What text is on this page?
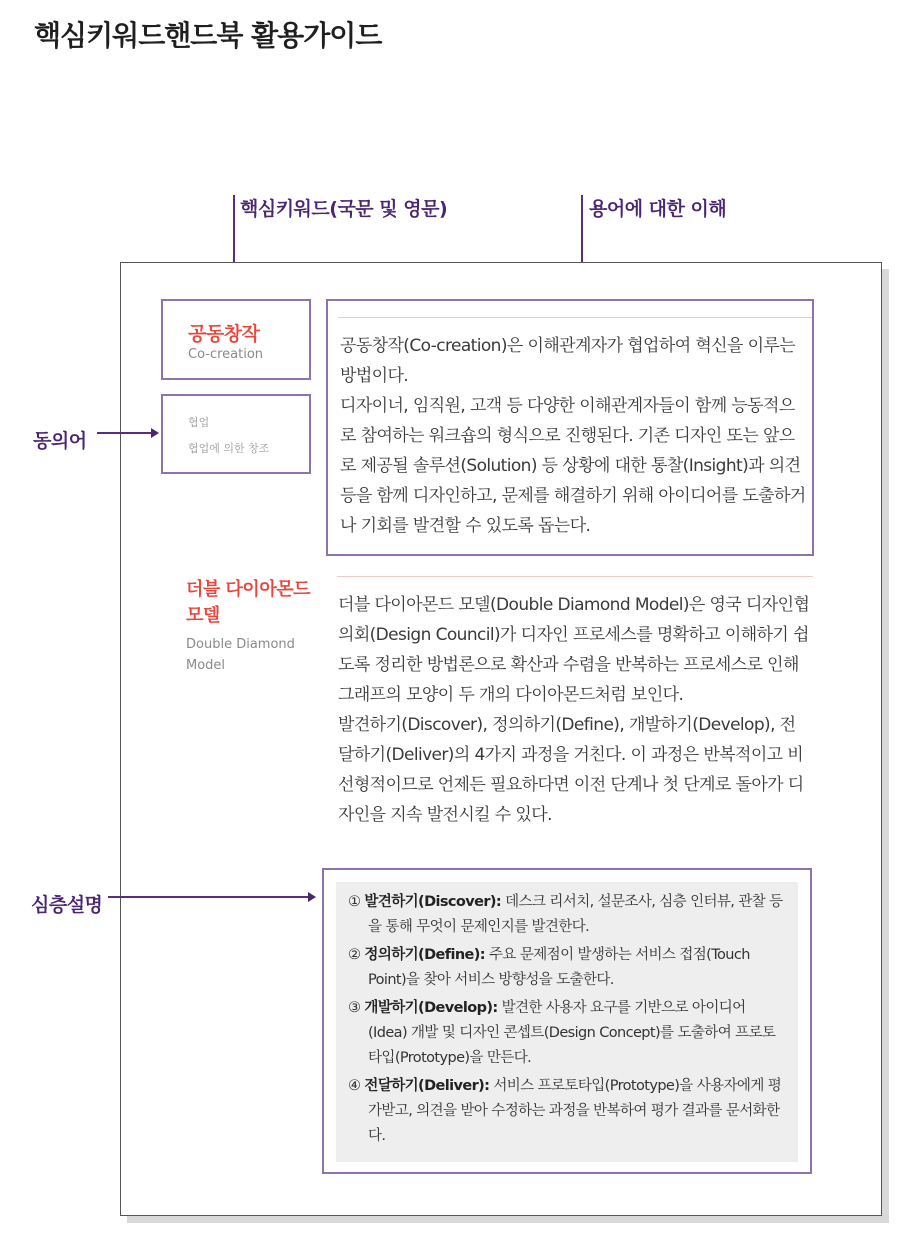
핵심키워드핸드북 활용가이드
핵심키워드(국문 및 영문)	용어에 대한 이해
공동창작
Co-creation
협업
협업에 의한 창조
동의어
공동창작(Co-creation)은 이해관계자가 협업하여 혁신을 이루는 방법이다.
디자이너, 임직원, 고객 등 다양한 이해관계자들이 함께 능동적으로 참여하는 워크숍의 형식으로 진행된다. 기존 디자인 또는 앞으로 제공될 솔루션(Solution) 등 상황에 대한 통찰(Insight)과 의견 등을 함께 디자인하고, 문제를 해결하기 위해 아이디어를 도출하거나 기회를 발견할 수 있도록 돕는다.
더블 다이아몬드
모델
Double Diamond
Model
더블 다이아몬드 모델(Double Diamond Model)은 영국 디자인협의회(Design Council)가 디자인 프로세스를 명확하고 이해하기 쉽도록 정리한 방법론으로 확산과 수렴을 반복하는 프로세스로 인해 그래프의 모양이 두 개의 다이아몬드처럼 보인다.
발견하기(Discover), 정의하기(Define), 개발하기(Develop), 전달하기(Deliver)의 4가지 과정을 거친다. 이 과정은 반복적이고 비선형적이므로 언제든 필요하다면 이전 단계나 첫 단계로 돌아가 디자인을 지속 발전시킬 수 있다.
심층설명	① 발견하기(Discover): 데스크 리서치, 설문조사, 심층 인터뷰, 관찰 등을 통해 무엇이 문제인지를 발견한다.
② 정의하기(Define): 주요 문제점이 발생하는 서비스 접점(Touch Point)을 찾아 서비스 방향성을 도출한다.
③ 개발하기(Develop): 발견한 사용자 요구를 기반으로 아이디어(Idea) 개발 및 디자인 콘셉트(Design Concept)를 도출하여 프로토타입(Prototype)을 만든다.
④ 전달하기(Deliver): 서비스 프로토타입(Prototype)을 사용자에게 평가받고, 의견을 받아 수정하는 과정을 반복하여 평가 결과를 문서화한다.
